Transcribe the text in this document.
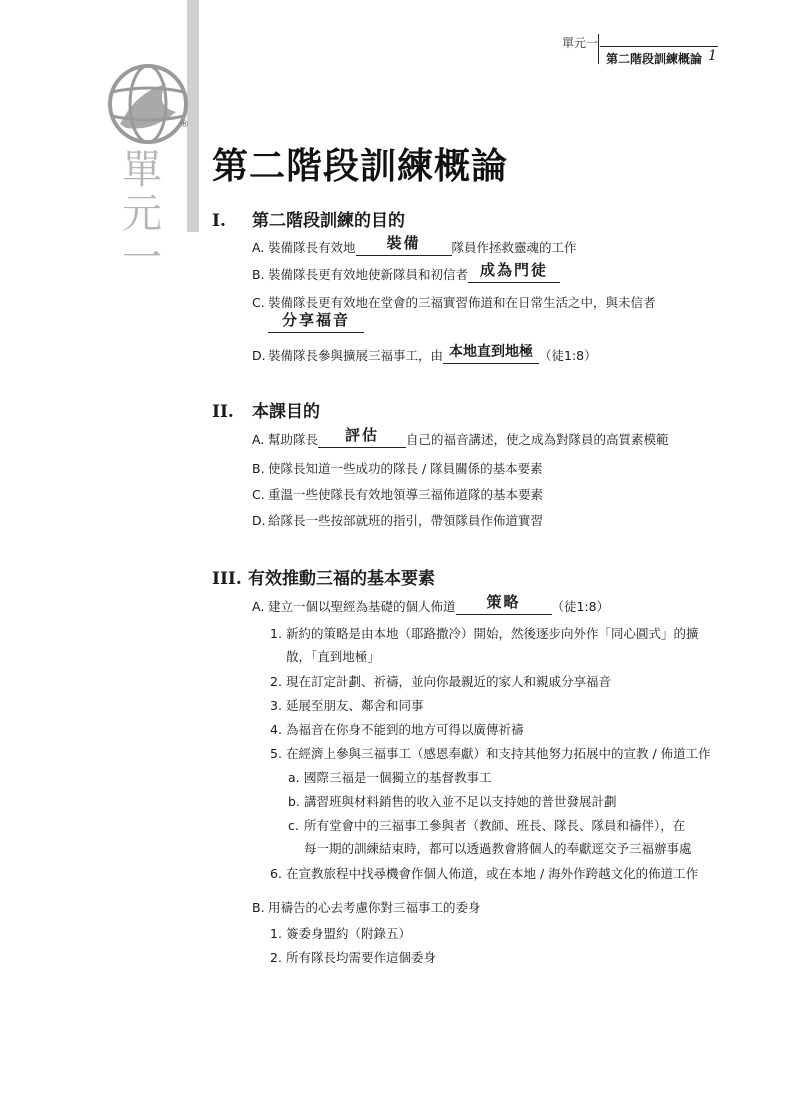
®
單
元
一
單元一
第二階段訓練概論 1
第二階段訓練概論
I. 第二階段訓練的目的
A. 裝備隊長有效地	裝備	隊員作拯救靈魂的工作
B. 裝備隊長更有效地使新隊員和初信者 成為門徒
C. 裝備隊長更有效地在堂會的三福實習佈道和在日常生活之中，與未信者
分享福音
D. 裝備隊長參與擴展三福事工，由 本地直到地極 （徒1:8）
II. 本課目的
A. 幫助隊長	評估	自己的福音講述，使之成為對隊員的高質素模範
B. 使隊長知道一些成功的隊長 / 隊員關係的基本要素
C. 重溫一些使隊長有效地領導三福佈道隊的基本要素
D. 給隊長一些按部就班的指引，帶領隊員作佈道實習
III. 有效推動三福的基本要素
A. 建立一個以聖經為基礎的個人佈道	策略	（徒1:8）
1. 新約的策略是由本地（耶路撒冷）開始，然後逐步向外作「同心圓式」的擴
散，「直到地極」
2. 現在訂定計劃、祈禱，並向你最親近的家人和親戚分享福音
3. 延展至朋友、鄰舍和同事
4. 為福音在你身不能到的地方可得以廣傳祈禱
5. 在經濟上參與三福事工（感恩奉獻）和支持其他努力拓展中的宣教 / 佈道工作
a. 國際三福是一個獨立的基督教事工
b. 講習班與材料銷售的收入並不足以支持她的普世發展計劃
c. 所有堂會中的三福事工參與者（教師、班長、隊長、隊員和禱伴），在
每一期的訓練結束時，都可以透過教會將個人的奉獻逕交予三福辦事處
6. 在宣教旅程中找尋機會作個人佈道，或在本地 / 海外作跨越文化的佈道工作
B. 用禱告的心去考慮你對三福事工的委身
1. 簽委身盟約（附錄五）
2. 所有隊長均需要作這個委身
